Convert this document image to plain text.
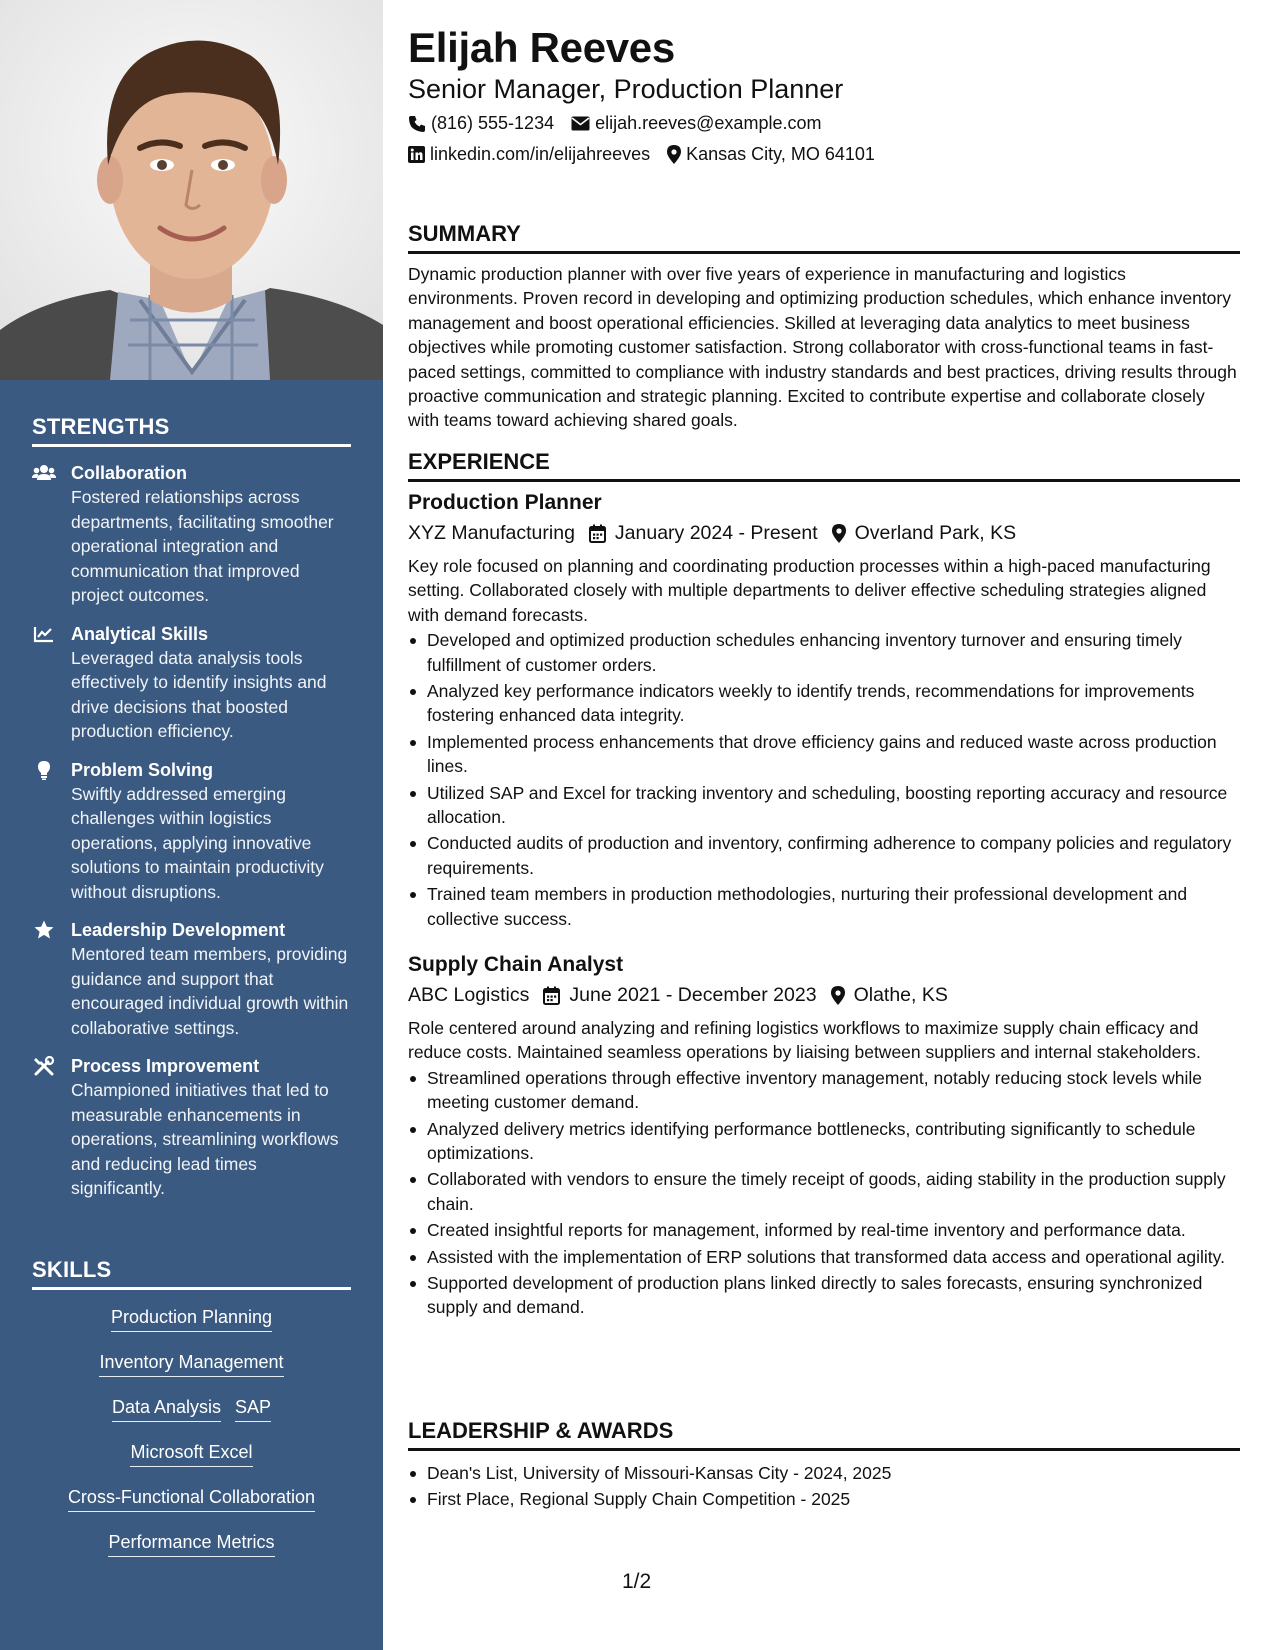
STRENGTHS
Collaboration
Fostered relationships across departments, facilitating smoother operational integration and communication that improved project outcomes.
Analytical Skills
Leveraged data analysis tools effectively to identify insights and drive decisions that boosted production efficiency.
Problem Solving
Swiftly addressed emerging challenges within logistics operations, applying innovative solutions to maintain productivity without disruptions.
Leadership Development
Mentored team members, providing guidance and support that encouraged individual growth within collaborative settings.
Process Improvement
Championed initiatives that led to measurable enhancements in operations, streamlining workflows and reducing lead times significantly.
SKILLS
Production Planning
Inventory Management
Data Analysis SAP
Microsoft Excel
Cross-Functional Collaboration
Performance Metrics
Elijah Reeves
Senior Manager, Production Planner
(816) 555-1234 elijah.reeves@example.com
linkedin.com/in/elijahreeves Kansas City, MO 64101
SUMMARY

Dynamic production planner with over five years of experience in manufacturing and logistics environments. Proven record in developing and optimizing production schedules, which enhance inventory management and boost operational efficiencies. Skilled at leveraging data analytics to meet business objectives while promoting customer satisfaction. Strong collaborator with cross-functional teams in fast-paced settings, committed to compliance with industry standards and best practices, driving results through proactive communication and strategic planning. Excited to contribute expertise and collaborate closely with teams toward achieving shared goals.

EXPERIENCE
Production Planner
XYZ Manufacturing January 2024 - Present Overland Park, KS

Key role focused on planning and coordinating production processes within a high-paced manufacturing setting. Collaborated closely with multiple departments to deliver effective scheduling strategies aligned with demand forecasts.

Developed and optimized production schedules enhancing inventory turnover and ensuring timely fulfillment of customer orders.
Analyzed key performance indicators weekly to identify trends, recommendations for improvements fostering enhanced data integrity.
Implemented process enhancements that drove efficiency gains and reduced waste across production lines.
Utilized SAP and Excel for tracking inventory and scheduling, boosting reporting accuracy and resource allocation.
Conducted audits of production and inventory, confirming adherence to company policies and regulatory requirements.
Trained team members in production methodologies, nurturing their professional development and collective success.
Supply Chain Analyst
ABC Logistics June 2021 - December 2023 Olathe, KS

Role centered around analyzing and refining logistics workflows to maximize supply chain efficacy and reduce costs. Maintained seamless operations by liaising between suppliers and internal stakeholders.

Streamlined operations through effective inventory management, notably reducing stock levels while meeting customer demand.
Analyzed delivery metrics identifying performance bottlenecks, contributing significantly to schedule optimizations.
Collaborated with vendors to ensure the timely receipt of goods, aiding stability in the production supply chain.
Created insightful reports for management, informed by real-time inventory and performance data.
Assisted with the implementation of ERP solutions that transformed data access and operational agility.
Supported development of production plans linked directly to sales forecasts, ensuring synchronized supply and demand.
LEADERSHIP & AWARDS
Dean's List, University of Missouri-Kansas City - 2024, 2025
First Place, Regional Supply Chain Competition - 2025
1/2
